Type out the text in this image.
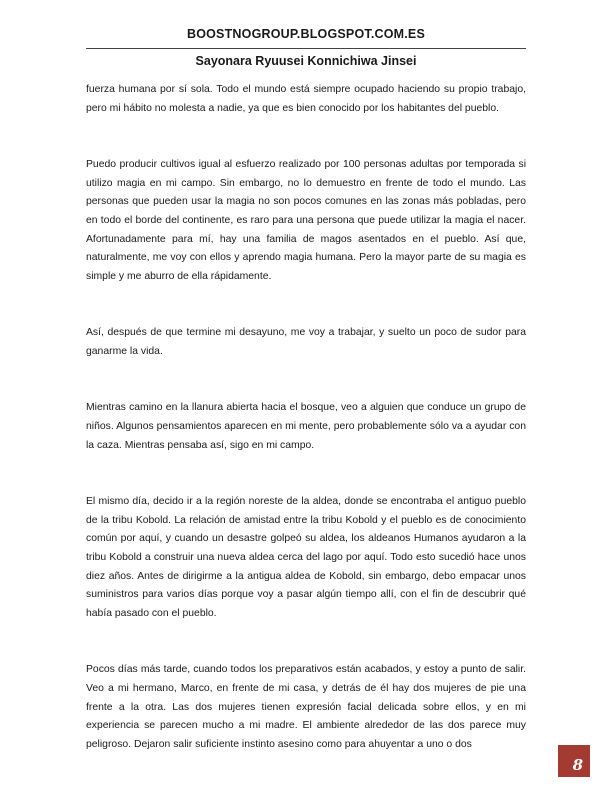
BOOSTNOGROUP.BLOGSPOT.COM.ES
Sayonara Ryuusei Konnichiwa Jinsei

fuerza humana por sí sola. Todo el mundo está siempre ocupado haciendo su propio trabajo, pero mi hábito no molesta a nadie, ya que es bien conocido por los habitantes del pueblo.

Puedo producir cultivos igual al esfuerzo realizado por 100 personas adultas por temporada si utilizo magia en mi campo. Sin embargo, no lo demuestro en frente de todo el mundo. Las personas que pueden usar la magia no son pocos comunes en las zonas más pobladas, pero en todo el borde del continente, es raro para una persona que puede utilizar la magia el nacer. Afortunadamente para mí, hay una familia de magos asentados en el pueblo. Así que, naturalmente, me voy con ellos y aprendo magia humana. Pero la mayor parte de su magia es simple y me aburro de ella rápidamente.

Así, después de que termine mi desayuno, me voy a trabajar, y suelto un poco de sudor para ganarme la vida.

Mientras camino en la llanura abierta hacia el bosque, veo a alguien que conduce un grupo de niños. Algunos pensamientos aparecen en mi mente, pero probablemente sólo va a ayudar con la caza. Mientras pensaba así, sigo en mi campo.

El mismo día, decido ir a la región noreste de la aldea, donde se encontraba el antiguo pueblo de la tribu Kobold. La relación de amistad entre la tribu Kobold y el pueblo es de conocimiento común por aquí, y cuando un desastre golpeó su aldea, los aldeanos Humanos ayudaron a la tribu Kobold a construir una nueva aldea cerca del lago por aquí. Todo esto sucedió hace unos diez años. Antes de dirigirme a la antigua aldea de Kobold, sin embargo, debo empacar unos suministros para varios días porque voy a pasar algún tiempo allí, con el fin de descubrir qué había pasado con el pueblo.

Pocos días más tarde, cuando todos los preparativos están acabados, y estoy a punto de salir. Veo a mi hermano, Marco, en frente de mi casa, y detrás de él hay dos mujeres de pie una frente a la otra. Las dos mujeres tienen expresión facial delicada sobre ellos, y en mi experiencia se parecen mucho a mi madre. El ambiente alrededor de las dos parece muy peligroso. Dejaron salir suficiente instinto asesino como para ahuyentar a uno o dos

8
